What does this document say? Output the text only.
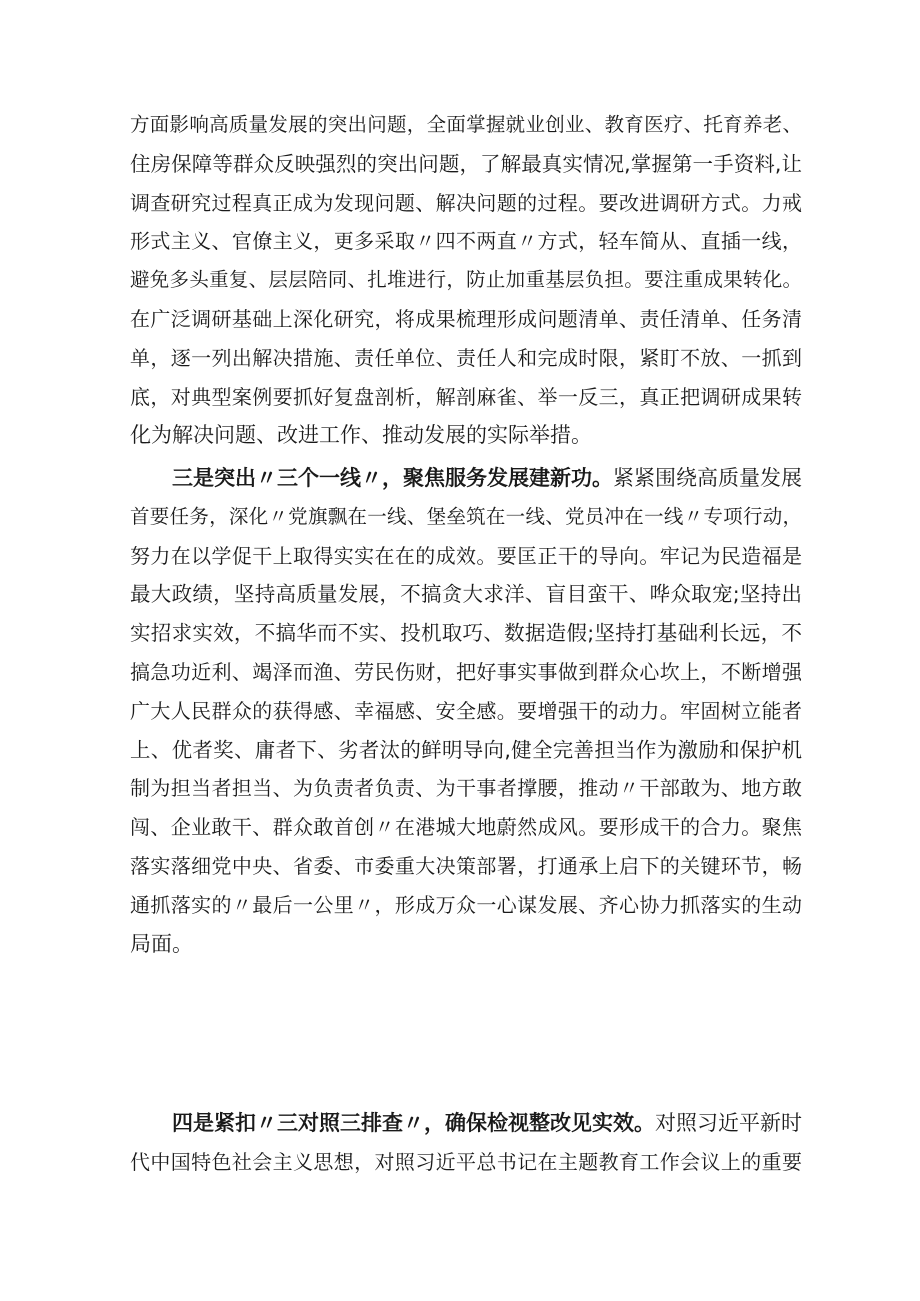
方面影响高质量发展的突出问题，全面掌握就业创业、教育医疗、托育养老、
住房保障等群众反映强烈的突出问题，了解最真实情况,掌握第一手资料,让
调查研究过程真正成为发现问题、解决问题的过程。要改进调研方式。力戒
形式主义、官僚主义，更多采取〃四不两直〃方式，轻车简从、直插一线，
避免多头重复、层层陪同、扎堆进行，防止加重基层负担。要注重成果转化。
在广泛调研基础上深化研究，将成果梳理形成问题清单、责任清单、任务清
单，逐一列出解决措施、责任单位、责任人和完成时限，紧盯不放、一抓到
底，对典型案例要抓好复盘剖析，解剖麻雀、举一反三，真正把调研成果转
化为解决问题、改进工作、推动发展的实际举措。
三是突出〃三个一线〃，聚焦服务发展建新功。紧紧围绕高质量发展
首要任务，深化〃党旗飘在一线、堡垒筑在一线、党员冲在一线〃专项行动，
努力在以学促干上取得实实在在的成效。要匡正干的导向。牢记为民造福是
最大政绩，坚持高质量发展，不搞贪大求洋、盲目蛮干、哗众取宠;坚持出
实招求实效，不搞华而不实、投机取巧、数据造假;坚持打基础利长远，不
搞急功近利、竭泽而渔、劳民伤财，把好事实事做到群众心坎上，不断增强
广大人民群众的获得感、幸福感、安全感。要增强干的动力。牢固树立能者
上、优者奖、庸者下、劣者汰的鲜明导向,健全完善担当作为激励和保护机
制为担当者担当、为负责者负责、为干事者撑腰，推动〃干部敢为、地方敢
闯、企业敢干、群众敢首创〃在港城大地蔚然成风。要形成干的合力。聚焦
落实落细党中央、省委、市委重大决策部署，打通承上启下的关键环节，畅
通抓落实的〃最后一公里〃，形成万众一心谋发展、齐心协力抓落实的生动
局面。
四是紧扣〃三对照三排查〃，确保检视整改见实效。对照习近平新时
代中国特色社会主义思想，对照习近平总书记在主题教育工作会议上的重要
